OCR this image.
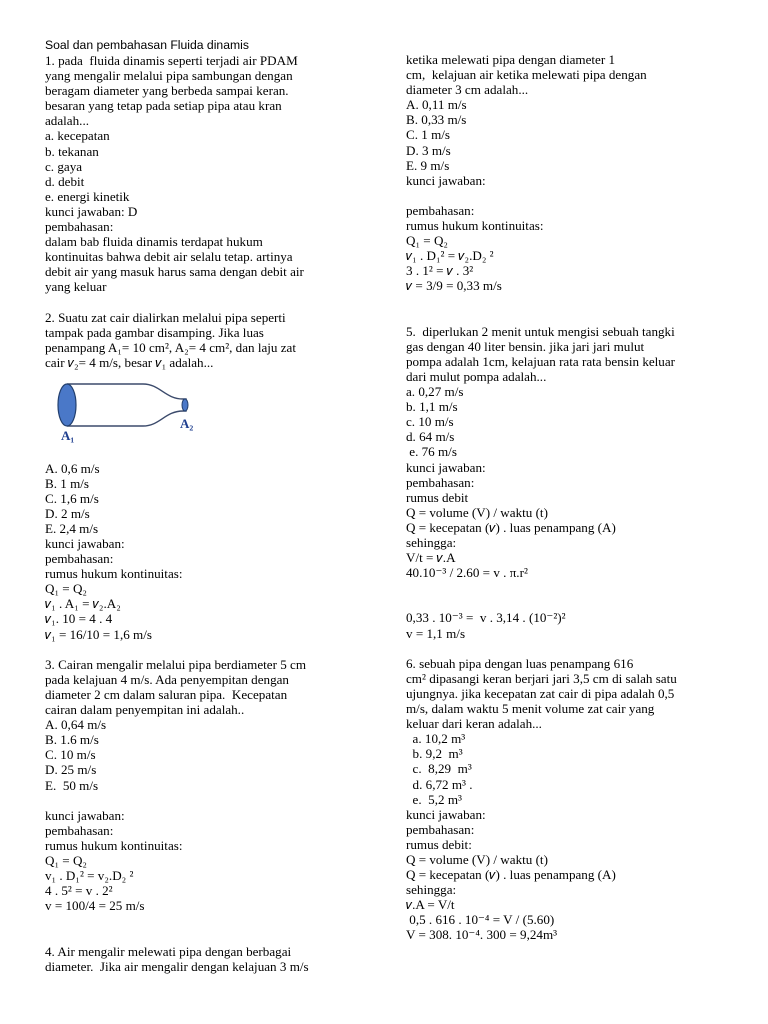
Soal dan pembahasan Fluida dinamis
1. pada  fluida dinamis seperti terjadi air PDAM
yang mengalir melalui pipa sambungan dengan
beragam diameter yang berbeda sampai keran.
besaran yang tetap pada setiap pipa atau kran
adalah...
a. kecepatan
b. tekanan
c. gaya
d. debit
e. energi kinetik
kunci jawaban: D
pembahasan:
dalam bab fluida dinamis terdapat hukum
kontinuitas bahwa debit air selalu tetap. artinya
debit air yang masuk harus sama dengan debit air
yang keluar
2. Suatu zat cair dialirkan melalui pipa seperti
tampak pada gambar disamping. Jika luas
penampang A₁= 10 cm², A₂= 4 cm², dan laju zat
cair 𝑣₂= 4 m/s, besar 𝑣₁ adalah...
A. 0,6 m/s
B. 1 m/s
C. 1,6 m/s
D. 2 m/s
E. 2,4 m/s
kunci jawaban:
pembahasan:
rumus hukum kontinuitas:
Q₁ = Q₂
𝑣₁ . A₁ = 𝑣₂.A₂
𝑣₁. 10 = 4 . 4
𝑣₁ = 16/10 = 1,6 m/s
3. Cairan mengalir melalui pipa berdiameter 5 cm
pada kelajuan 4 m/s. Ada penyempitan dengan
diameter 2 cm dalam saluran pipa.  Kecepatan
cairan dalam penyempitan ini adalah..
A. 0,64 m/s
B. 1.6 m/s
C. 10 m/s
D. 25 m/s
E.  50 m/s
kunci jawaban:
pembahasan:
rumus hukum kontinuitas:
Q₁ = Q₂
v₁ . D₁² = v₂.D₂ ²
4 . 5² = v . 2²
v = 100/4 = 25 m/s
4. Air mengalir melewati pipa dengan berbagai
diameter.  Jika air mengalir dengan kelajuan 3 m/s
ketika melewati pipa dengan diameter 1
cm,  kelajuan air ketika melewati pipa dengan
diameter 3 cm adalah...
A. 0,11 m/s
B. 0,33 m/s
C. 1 m/s
D. 3 m/s
E. 9 m/s
kunci jawaban:
pembahasan:
rumus hukum kontinuitas:
Q₁ = Q₂
𝑣₁ . D₁² = 𝑣₂.D₂ ²
3 . 1² = 𝑣 . 3²
𝑣 = 3/9 = 0,33 m/s
5.  diperlukan 2 menit untuk mengisi sebuah tangki
gas dengan 40 liter bensin. jika jari jari mulut
pompa adalah 1cm, kelajuan rata rata bensin keluar
dari mulut pompa adalah...
a. 0,27 m/s
b. 1,1 m/s
c. 10 m/s
d. 64 m/s
e. 76 m/s
kunci jawaban:
pembahasan:
rumus debit
Q = volume (V) / waktu (t)
Q = kecepatan (𝑣) . luas penampang (A)
sehingga:
V/t = 𝑣.A
40.10⁻³ / 2.60 = v . π.r²
0,33 . 10⁻³ =  v . 3,14 . (10⁻²)²
v = 1,1 m/s
6. sebuah pipa dengan luas penampang 616
cm² dipasangi keran berjari jari 3,5 cm di salah satu
ujungnya. jika kecepatan zat cair di pipa adalah 0,5
m/s, dalam waktu 5 menit volume zat cair yang
keluar dari keran adalah...
a. 10,2 m³
b. 9,2  m³
c.  8,29  m³
d. 6,72 m³ .
e.  5,2 m³
kunci jawaban:
pembahasan:
rumus debit:
Q = volume (V) / waktu (t)
Q = kecepatan (𝑣) . luas penampang (A)
sehingga:
𝑣.A = V/t
0,5 . 616 . 10⁻⁴ = V / (5.60)
V = 308. 10⁻⁴. 300 = 9,24m³
A₁
A₂
